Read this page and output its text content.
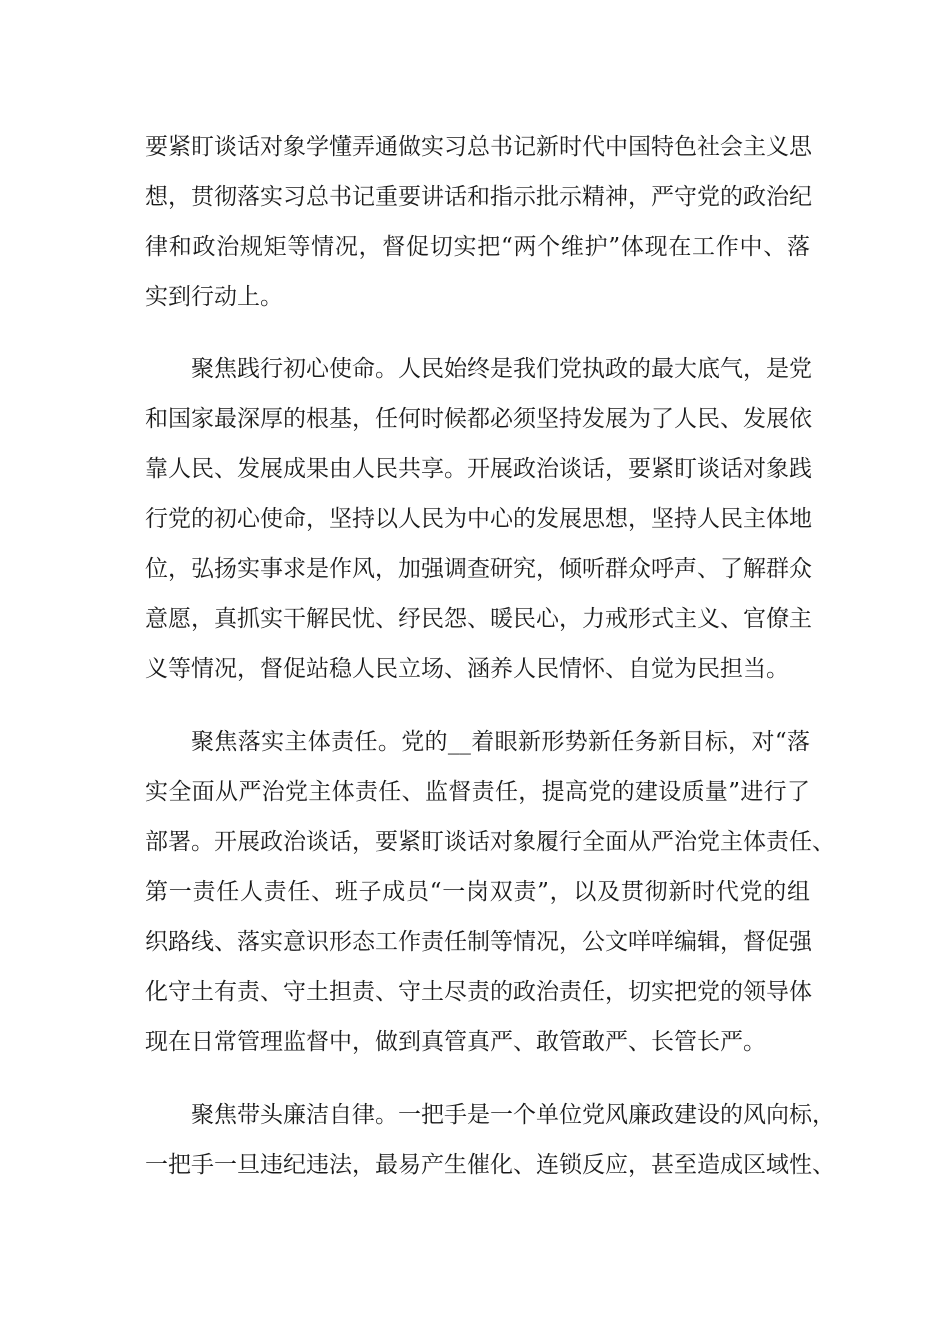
要紧盯谈话对象学懂弄通做实习总书记新时代中国特色社会主义思
想，贯彻落实习总书记重要讲话和指示批示精神，严守党的政治纪
律和政治规矩等情况，督促切实把“两个维护”体现在工作中、落
实到行动上。
聚焦践行初心使命。人民始终是我们党执政的最大底气，是党
和国家最深厚的根基，任何时候都必须坚持发展为了人民、发展依
靠人民、发展成果由人民共享。开展政治谈话，要紧盯谈话对象践
行党的初心使命，坚持以人民为中心的发展思想，坚持人民主体地
位，弘扬实事求是作风，加强调查研究，倾听群众呼声、了解群众
意愿，真抓实干解民忧、纾民怨、暖民心，力戒形式主义、官僚主
义等情况，督促站稳人民立场、涵养人民情怀、自觉为民担当。
聚焦落实主体责任。党的__着眼新形势新任务新目标，对“落
实全面从严治党主体责任、监督责任，提高党的建设质量”进行了
部署。开展政治谈话，要紧盯谈话对象履行全面从严治党主体责任、
第一责任人责任、班子成员“一岗双责”，以及贯彻新时代党的组
织路线、落实意识形态工作责任制等情况，公文咩咩编辑，督促强
化守土有责、守土担责、守土尽责的政治责任，切实把党的领导体
现在日常管理监督中，做到真管真严、敢管敢严、长管长严。
聚焦带头廉洁自律。一把手是一个单位党风廉政建设的风向标，
一把手一旦违纪违法，最易产生催化、连锁反应，甚至造成区域性、
